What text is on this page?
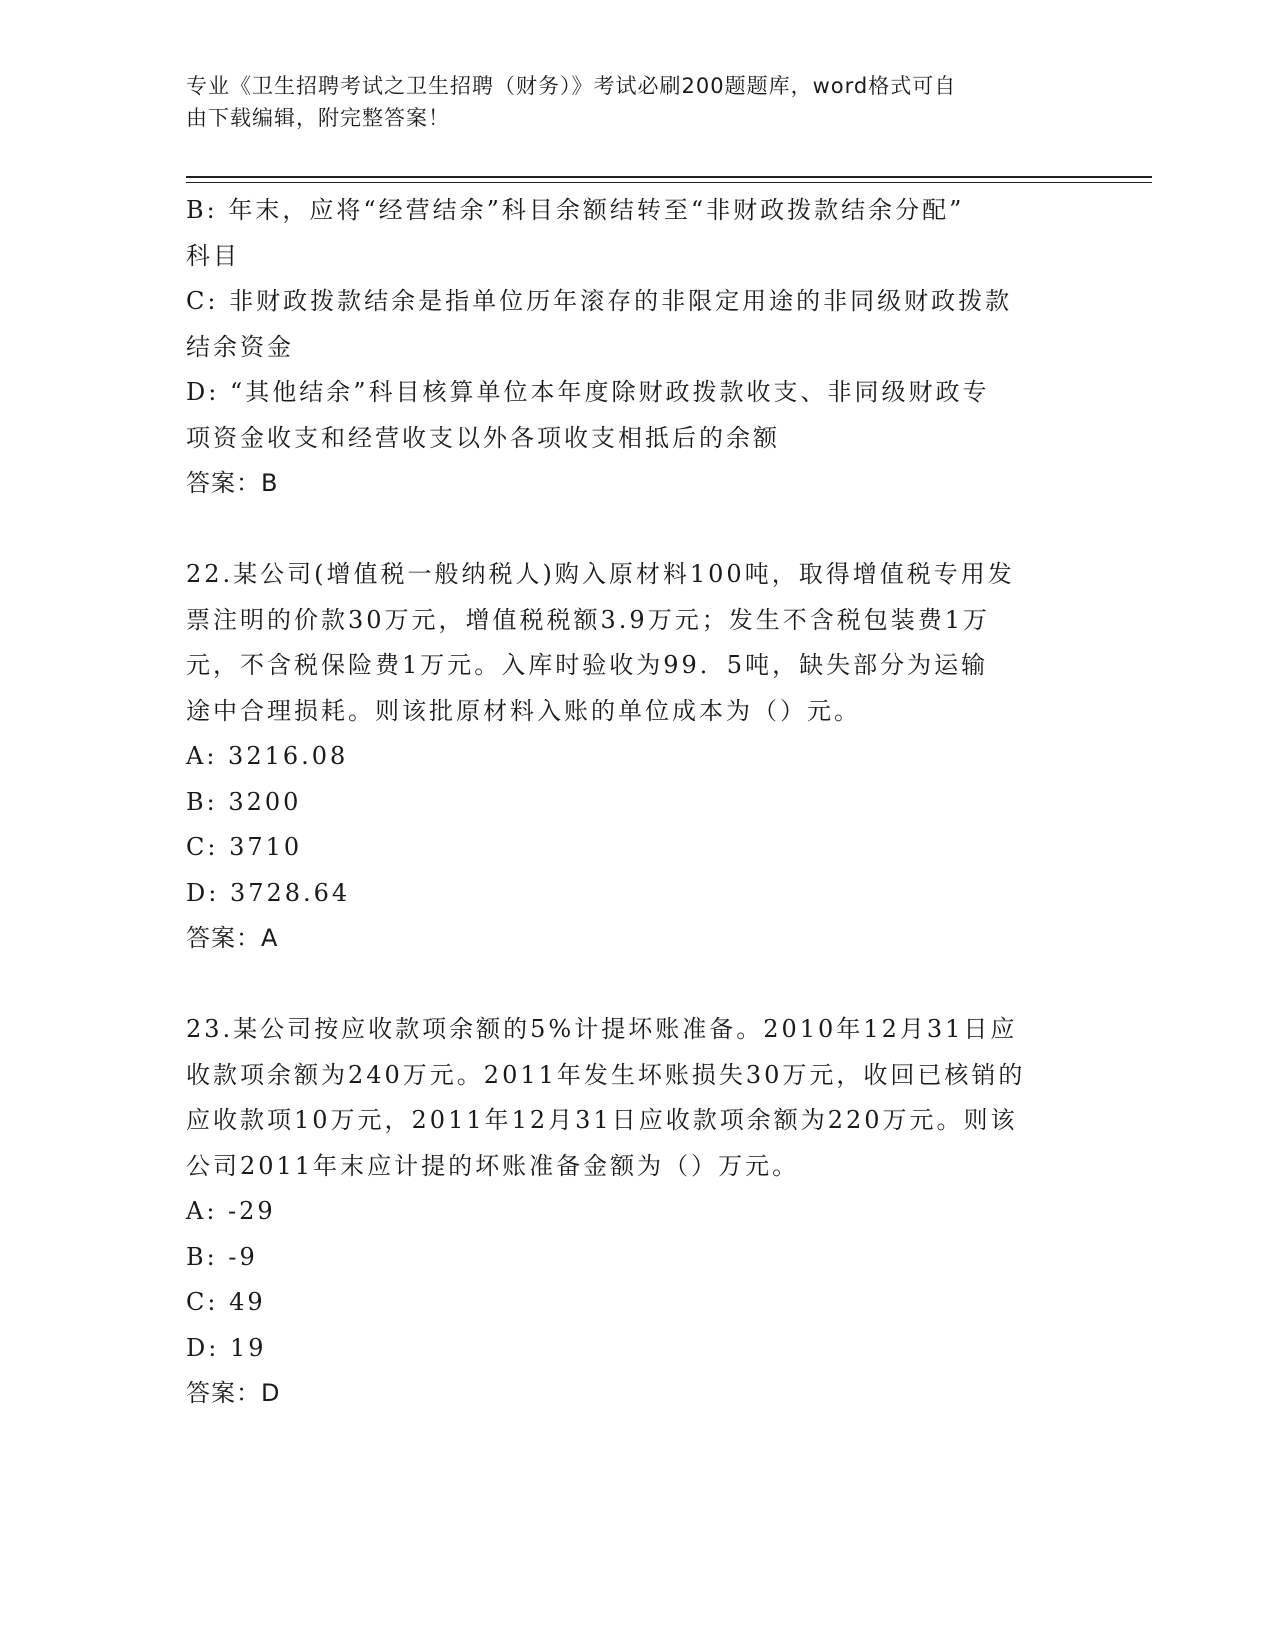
专业《卫生招聘考试之卫生招聘（财务）》考试必刷200题题库，word格式可自
由下载编辑，附完整答案！
B: 年末，应将“经营结余”科目余额结转至“非财政拨款结余分配”
科目
C: 非财政拨款结余是指单位历年滚存的非限定用途的非同级财政拨款
结余资金
D: “其他结余”科目核算单位本年度除财政拨款收支、非同级财政专
项资金收支和经营收支以外各项收支相抵后的余额
答案：B
22.某公司(增值税一般纳税人)购入原材料100吨，取得增值税专用发
票注明的价款30万元，增值税税额3.9万元；发生不含税包装费1万
元，不含税保险费1万元。入库时验收为99．5吨，缺失部分为运输
途中合理损耗。则该批原材料入账的单位成本为（）元。
A: 3216.08
B: 3200
C: 3710
D: 3728.64
答案：A
23.某公司按应收款项余额的5%计提坏账准备。2010年12月31日应
收款项余额为240万元。2011年发生坏账损失30万元，收回已核销的
应收款项10万元，2011年12月31日应收款项余额为220万元。则该
公司2011年末应计提的坏账准备金额为（）万元。
A: -29
B: -9
C: 49
D: 19
答案：D
